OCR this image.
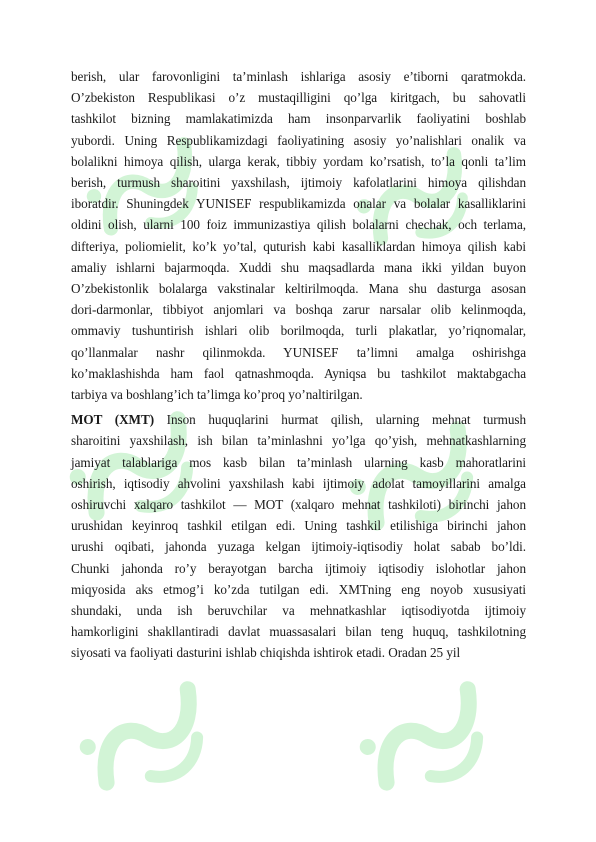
berish, ular farovonligini ta’minlash ishlariga asosiy e’tiborni qaratmokda.
O’zbekiston Respublikasi o’z mustaqilligini qo’lga kiritgach, bu sahovatli
tashkilot bizning mamlakatimizda ham insonparvarlik faoliyatini boshlab
yubordi. Uning Respublikamizdagi faoliyatining asosiy yo’nalishlari onalik va
bolalikni himoya qilish, ularga kerak, tibbiy yordam ko’rsatish, to’la qonli ta’lim
berish, turmush sharoitini yaxshilash, ijtimoiy kafolatlarini himoya qilishdan
iboratdir. Shuningdek YUNISEF respublikamizda onalar va bolalar kasalliklarini
oldini olish, ularni 100 foiz immunizastiya qilish bolalarni chechak, och terlama,
difteriya, poliomielit, ko’k yo’tal, quturish kabi kasalliklardan himoya qilish kabi
amaliy ishlarni bajarmoqda. Xuddi shu maqsadlarda mana ikki yildan buyon
O’zbekistonlik bolalarga vakstinalar keltirilmoqda. Mana shu dasturga asosan
dori-darmonlar, tibbiyot anjomlari va boshqa zarur narsalar olib kelinmoqda,
ommaviy tushuntirish ishlari olib borilmoqda, turli plakatlar, yo’riqnomalar,
qo’llanmalar nashr qilinmokda. YUNISEF ta’limni amalga oshirishga
ko’maklashishda ham faol qatnashmoqda. Ayniqsa bu tashkilot maktabgacha
tarbiya va boshlang’ich ta’limga ko’proq yo’naltirilgan.

MOT (XMT) Inson huquqlarini hurmat qilish, ularning mehnat turmush
sharoitini yaxshilash, ish bilan ta’minlashni yo’lga qo’yish, mehnatkashlarning
jamiyat talablariga mos kasb bilan ta’minlash ularning kasb mahoratlarini
oshirish, iqtisodiy ahvolini yaxshilash kabi ijtimoiy adolat tamoyillarini amalga
oshiruvchi xalqaro tashkilot — MOT (xalqaro mehnat tashkiloti) birinchi jahon
urushidan keyinroq tashkil etilgan edi. Uning tashkil etilishiga birinchi jahon
urushi oqibati, jahonda yuzaga kelgan ijtimoiy-iqtisodiy holat sabab bo’ldi.
Chunki jahonda ro’y berayotgan barcha ijtimoiy iqtisodiy islohotlar jahon
miqyosida aks etmog’i ko’zda tutilgan edi. XMTning eng noyob xususiyati
shundaki, unda ish beruvchilar va mehnatkashlar iqtisodiyotda ijtimoiy
hamkorligini shakllantiradi davlat muassasalari bilan teng huquq, tashkilotning
siyosati va faoliyati dasturini ishlab chiqishda ishtirok etadi. Oradan 25 yil
